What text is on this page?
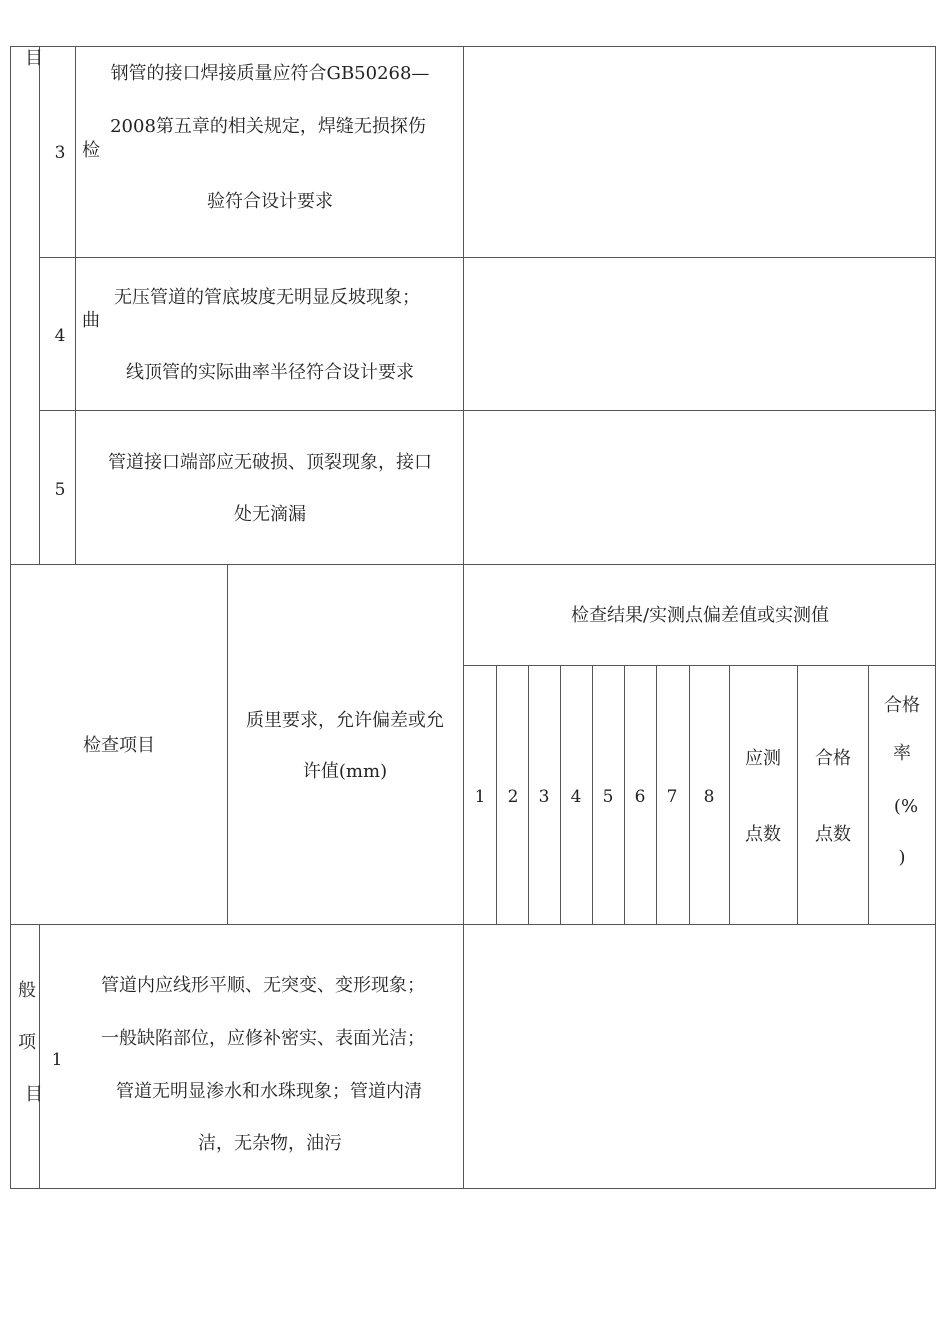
目
3
钢管的接口焊接质量应符合GB50268—
2008第五章的相关规定，焊缝无损探伤
检
验符合设计要求
4
无压管道的管底坡度无明显反坡现象；
曲
线顶管的实际曲率半径符合设计要求
5
管道接口端部应无破损、顶裂现象，接口
处无滴漏
检查项目
质里要求，允许偏差或允
许值(mm)
检查结果/实测点偏差值或实测值
1 2 3 4 5 6 7 8
应测
点数
合格
点数
合格
率
(%
)
般
项
目
1
管道内应线形平顺、无突变、变形现象；
一般缺陷部位，应修补密实、表面光洁；
管道无明显渗水和水珠现象；管道内清
洁，无杂物，油污
